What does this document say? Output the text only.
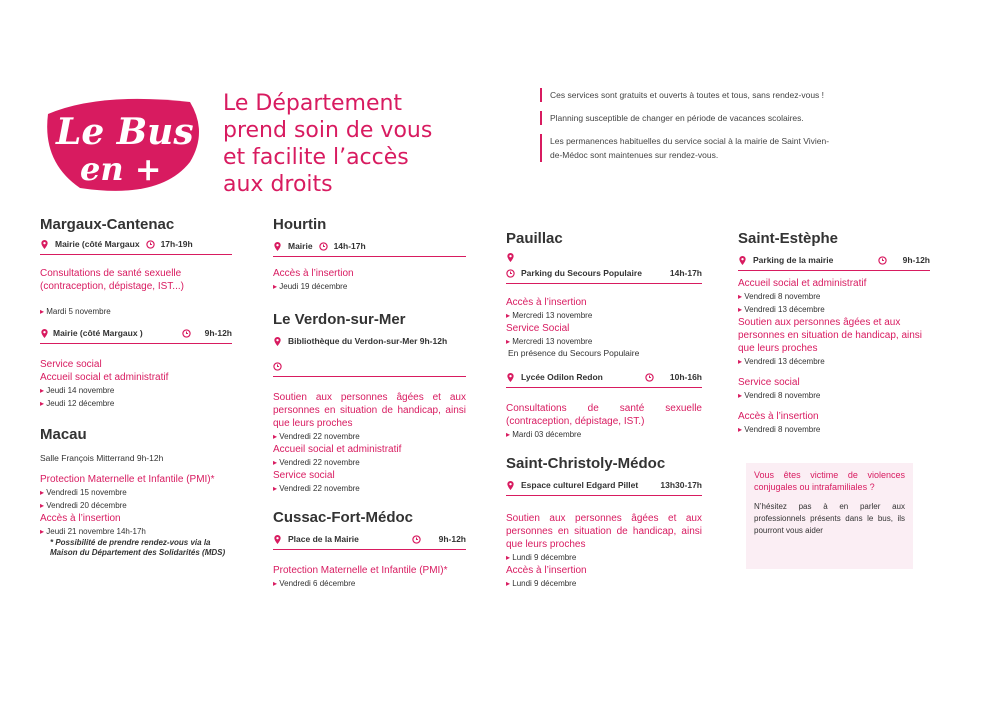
Le Bus
en +
Le Département
prend soin de vous
et facilite l’accès
aux droits
Ces services sont gratuits et ouverts à toutes et tous, sans rendez-vous !
Planning susceptible de changer en période de vacances scolaires.
Les permanences habituelles du service social à la mairie de Saint Vivien-de-Médoc sont maintenues sur rendez-vous.
Margaux-Cantenac
Mairie (côté Margaux 17h-19h
Consultations de santé sexuelle (contraception, dépistage, IST...)
▸ Mardi 5 novembre
Mairie (côté Margaux )	9h-12h
Service social
Accueil social et administratif
▸ Jeudi 14 novembre
▸ Jeudi 12 décembre
Macau
Salle François Mitterrand 9h-12h
Protection Maternelle et Infantile (PMI)*
▸ Vendredi 15 novembre
▸ Vendredi 20 décembre
Accès à l’insertion
▸ Jeudi 21 novembre 14h-17h
* Possibilité de prendre rendez-vous via la Maison du Département des Solidarités (MDS)
Hourtin
Mairie 14h-17h
Accès à l’insertion
▸ Jeudi 19 décembre
Le Verdon-sur-Mer
Bibliothèque du Verdon-sur-Mer 9h-12h
Soutien aux personnes âgées et aux personnes en situation de handicap, ainsi que leurs proches
▸ Vendredi 22 novembre
Accueil social et administratif
▸ Vendredi 22 novembre
Service social
▸ Vendredi 22 novembre
Cussac-Fort-Médoc
Place de la Mairie	9h-12h
Protection Maternelle et Infantile (PMI)*
▸ Vendredi 6 décembre
Pauillac
Parking du Secours Populaire	14h-17h
Accès à l’insertion
▸ Mercredi 13 novembre
Service Social
▸ Mercredi 13 novembre
En présence du Secours Populaire
Lycée Odilon Redon	10h-16h
Consultations de santé sexuelle (contraception, dépistage, IST.)
▸ Mardi 03 décembre
Saint-Christoly-Médoc
Espace culturel Edgard Pillet	13h30-17h
Soutien aux personnes âgées et aux personnes en situation de handicap, ainsi que leurs proches
▸ Lundi 9 décembre
Accès à l’insertion
▸ Lundi 9 décembre
Saint-Estèphe
Parking de la mairie	9h-12h
Accueil social et administratif
▸ Vendredi 8 novembre
▸ Vendredi 13 décembre
Soutien aux personnes âgées et aux personnes en situation de handicap, ainsi que leurs proches
▸ Vendredi 13 décembre
Service social
▸ Vendredi 8 novembre
Accès à l’insertion
▸ Vendredi 8 novembre
Vous êtes victime de violences conjugales ou intrafamiliales ?
N’hésitez pas à en parler aux professionnels présents dans le bus, ils pourront vous aider
